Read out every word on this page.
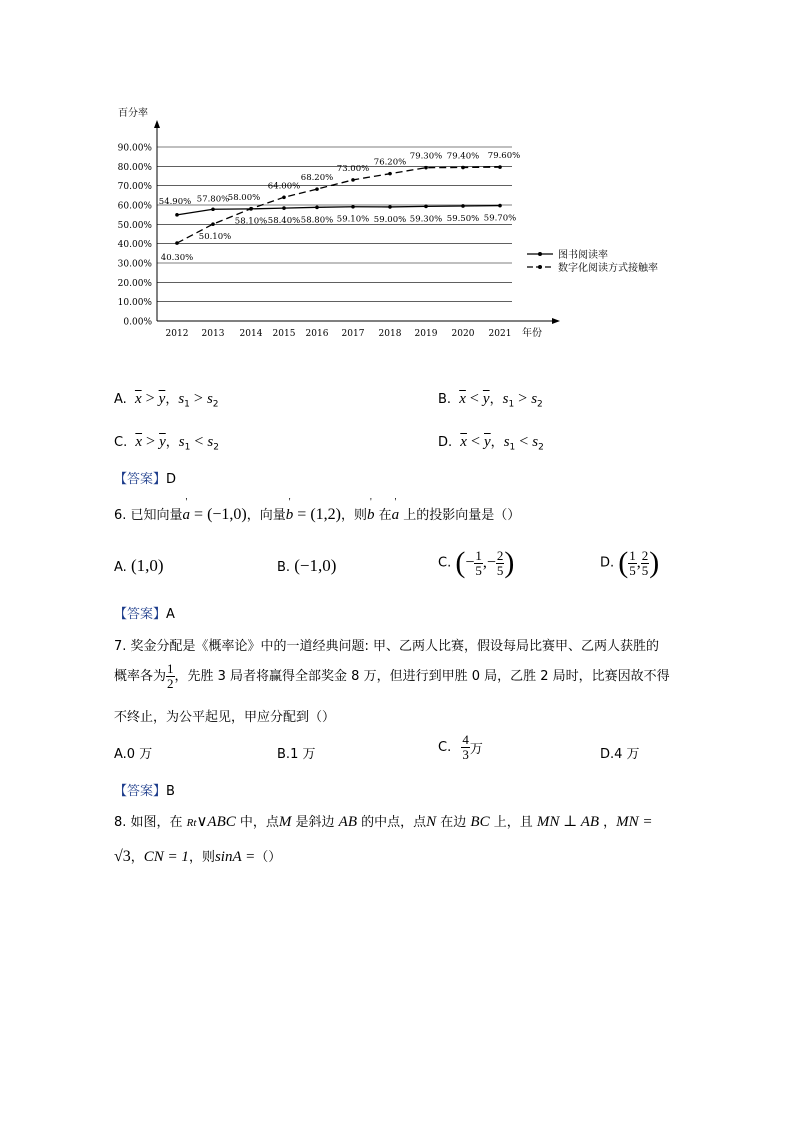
百分率
0.00%
10.00%
20.00%
30.00%
40.00%
50.00%
60.00%
70.00%
80.00%
90.00%
2012 2013 2014 2015 2016 2017 2018 2019 2020 2021 年份
54.90% 57.80%
58.00%
58.40% 58.80% 59.10% 59.00% 59.30% 59.50% 59.70%
40.30%
50.10%
58.10%
64.00%
68.20%
73.00%
76.20%
79.30% 79.40% 79.60%
图书阅读率
数字化阅读方式接触率
A. $\overline{x} > \overline{y}$，$s_1 > s_2$	B. $\overline{x} < \overline{y}$，$s_1 > s_2$
C. $\overline{x} > \overline{y}$，$s_1 < s_2$	D. $\overline{x} < \overline{y}$，$s_1 < s_2$
【答案】D
6. 已知向量
'
a = (−1,0)，向量
'
b = (1,2)，则
'
b 在
'
a 上的投影向量是（）
A. (1,0)	B. (−1,0)	C. (− $\frac{1}{5}$ ,− $\frac{2}{5}$ )	D. ( $\frac{1}{5}$ , $\frac{2}{5}$ )
【答案】A
7. 奖金分配是《概率论》中的一道经典问题: 甲、乙两人比赛，假设每局比赛甲、乙两人获胜的
概率各为 $\frac{1}{2}$ ，先胜 3 局者将赢得全部奖金 8 万，但进行到甲胜 0 局，乙胜 2 局时，比赛因故不得
不终止，为公平起见，甲应分配到（）
A.0 万	B.1 万	C. $\frac{4}{3}$ 万	D.4 万
【答案】B
8. 如图，在 Rt∨ABC 中，点M 是斜边 AB 的中点，点N 在边 BC 上，且 MN ⊥ AB ，MN =
√3，CN = 1，则sinA =（）
